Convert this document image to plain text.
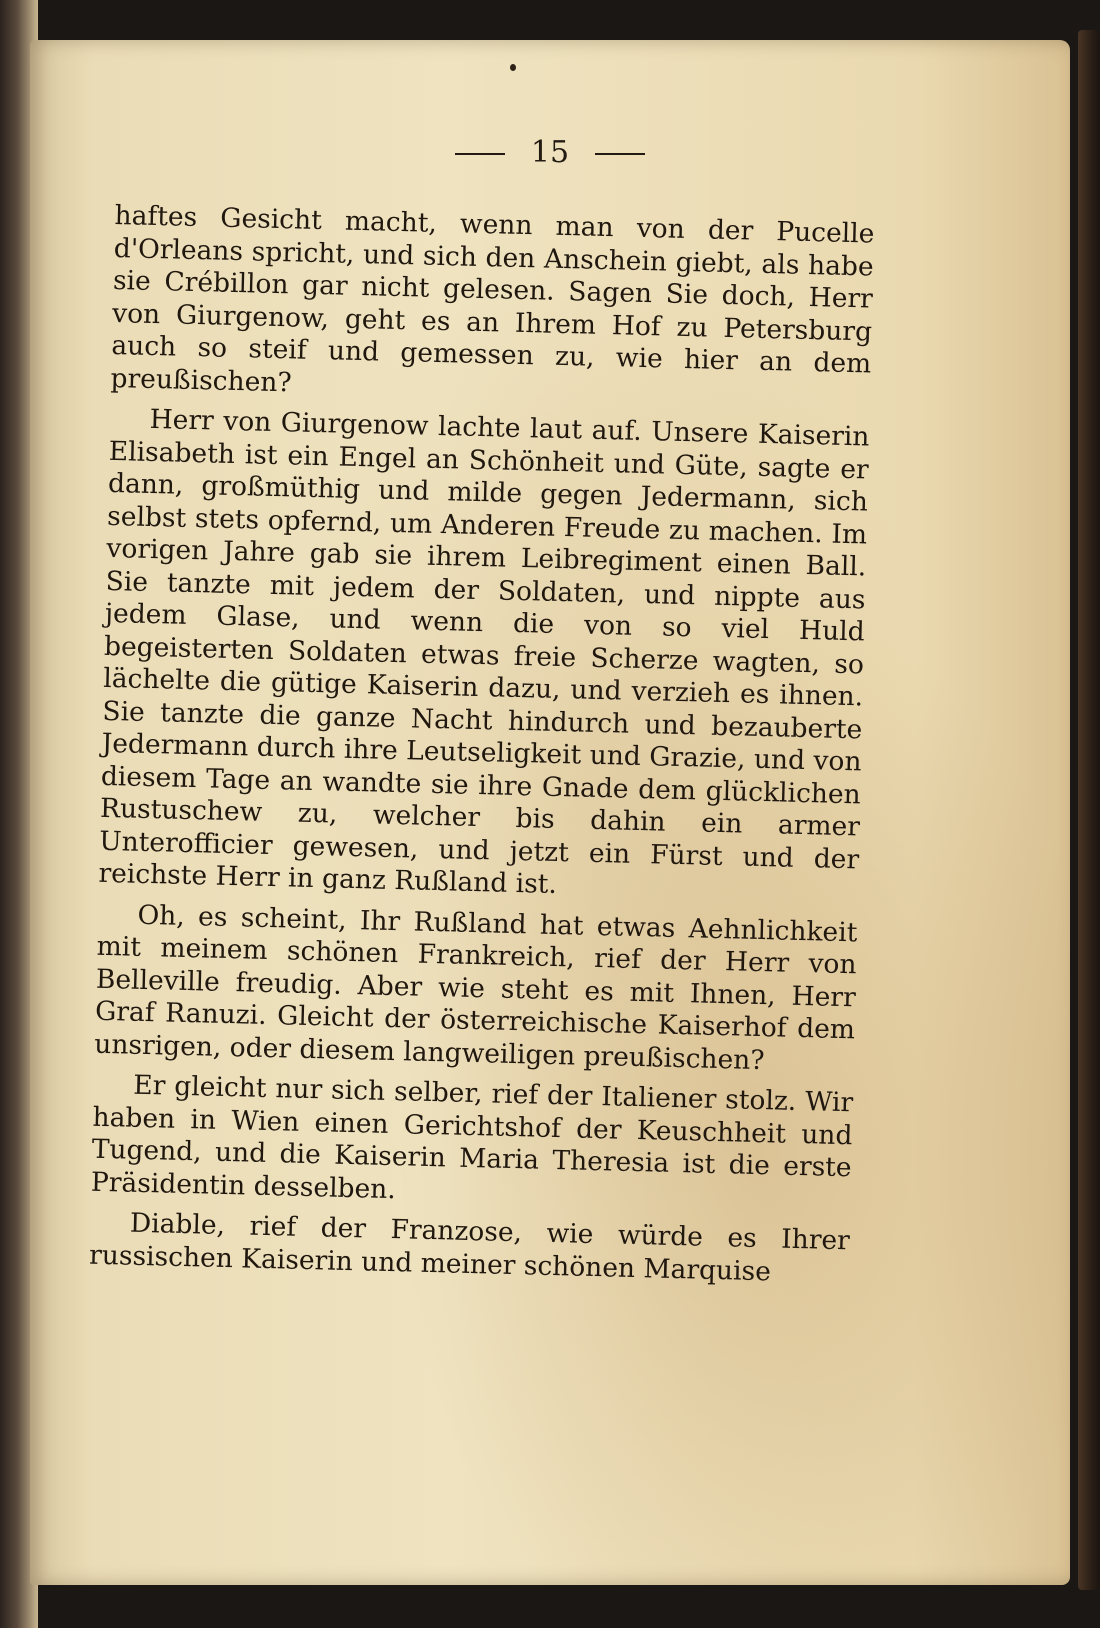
15

haftes Gesicht macht, wenn man von der Pucelle d'Orleans spricht, und sich den Anschein giebt, als habe sie Crébillon gar nicht gelesen. Sagen Sie doch, Herr von Giurgenow, geht es an Ihrem Hof zu Petersburg auch so steif und gemessen zu, wie hier an dem preußischen?

Herr von Giurgenow lachte laut auf. Unsere Kaiserin Elisabeth ist ein Engel an Schönheit und Güte, sagte er dann, großmüthig und milde gegen Jedermann, sich selbst stets opfernd, um Anderen Freude zu machen. Im vorigen Jahre gab sie ihrem Leibregiment einen Ball. Sie tanzte mit jedem der Soldaten, und nippte aus jedem Glase, und wenn die von so viel Huld begeisterten Soldaten etwas freie Scherze wagten, so lächelte die gütige Kaiserin dazu, und verzieh es ihnen. Sie tanzte die ganze Nacht hindurch und bezauberte Jedermann durch ihre Leutseligkeit und Grazie, und von diesem Tage an wandte sie ihre Gnade dem glücklichen Rustuschew zu, welcher bis dahin ein armer Unterofficier gewesen, und jetzt ein Fürst und der reichste Herr in ganz Rußland ist.

Oh, es scheint, Ihr Rußland hat etwas Aehnlichkeit mit meinem schönen Frankreich, rief der Herr von Belleville freudig. Aber wie steht es mit Ihnen, Herr Graf Ranuzi. Gleicht der österreichische Kaiserhof dem unsrigen, oder diesem langweiligen preußischen?

Er gleicht nur sich selber, rief der Italiener stolz. Wir haben in Wien einen Gerichtshof der Keuschheit und Tugend, und die Kaiserin Maria Theresia ist die erste Präsidentin desselben.

Diable, rief der Franzose, wie würde es Ihrer russischen Kaiserin und meiner schönen Marquise
